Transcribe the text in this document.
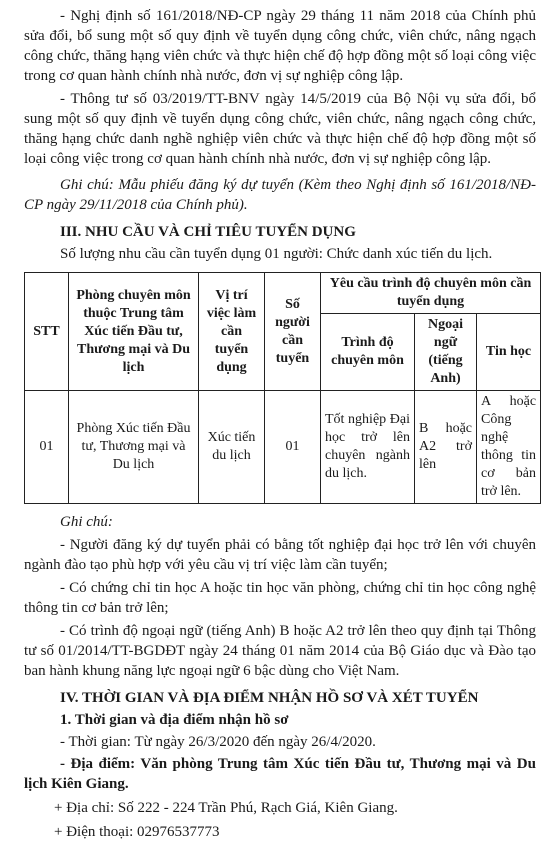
- Nghị định số 161/2018/NĐ-CP ngày 29 tháng 11 năm 2018 của Chính phủ sửa đổi, bổ sung một số quy định về tuyển dụng công chức, viên chức, nâng ngạch công chức, thăng hạng viên chức và thực hiện chế độ hợp đồng một số loại công việc trong cơ quan hành chính nhà nước, đơn vị sự nghiệp công lập.

- Thông tư số 03/2019/TT-BNV ngày 14/5/2019 của Bộ Nội vụ sửa đổi, bổ sung một số quy định về tuyển dụng công chức, viên chức, nâng ngạch công chức, thăng hạng chức danh nghề nghiệp viên chức và thực hiện chế độ hợp đồng một số loại công việc trong cơ quan hành chính nhà nước, đơn vị sự nghiệp công lập.

Ghi chú: Mẫu phiếu đăng ký dự tuyển (Kèm theo Nghị định số 161/2018/NĐ-CP ngày 29/11/2018 của Chính phủ).

III. NHU CẦU VÀ CHỈ TIÊU TUYỂN DỤNG

Số lượng nhu cầu cần tuyển dụng 01 người: Chức danh xúc tiến du lịch.

STT	Phòng chuyên môn thuộc Trung tâm Xúc tiến Đầu tư, Thương mại và Du lịch	Vị trí việc làm cần tuyển dụng	Số người cần tuyển	Yêu cầu trình độ chuyên môn cần tuyển dụng		
				Trình độ chuyên môn	Ngoại ngữ (tiếng Anh)	Tin học
01	Phòng Xúc tiến Đầu tư, Thương mại và Du lịch	Xúc tiến du lịch	01	Tốt nghiệp Đại học trở lên chuyên ngành du lịch.	B hoặc A2 trở lên	A hoặc Công nghệ thông tin cơ bản trở lên.

Ghi chú:

- Người đăng ký dự tuyển phải có bằng tốt nghiệp đại học trở lên với chuyên ngành đào tạo phù hợp với yêu cầu vị trí việc làm cần tuyển;

- Có chứng chỉ tin học A hoặc tin học văn phòng, chứng chỉ tin học công nghệ thông tin cơ bản trở lên;

- Có trình độ ngoại ngữ (tiếng Anh) B hoặc A2 trở lên theo quy định tại Thông tư số 01/2014/TT-BGDĐT ngày 24 tháng 01 năm 2014 của Bộ Giáo dục và Đào tạo ban hành khung năng lực ngoại ngữ 6 bậc dùng cho Việt Nam.

IV. THỜI GIAN VÀ ĐỊA ĐIỂM NHẬN HỒ SƠ VÀ XÉT TUYỂN

1. Thời gian và địa điểm nhận hồ sơ

- Thời gian: Từ ngày 26/3/2020 đến ngày 26/4/2020.

- Địa điểm: Văn phòng Trung tâm Xúc tiến Đầu tư, Thương mại và Du lịch Kiên Giang.

+ Địa chỉ: Số 222 - 224 Trần Phú, Rạch Giá, Kiên Giang.

+ Điện thoại: 02976537773
